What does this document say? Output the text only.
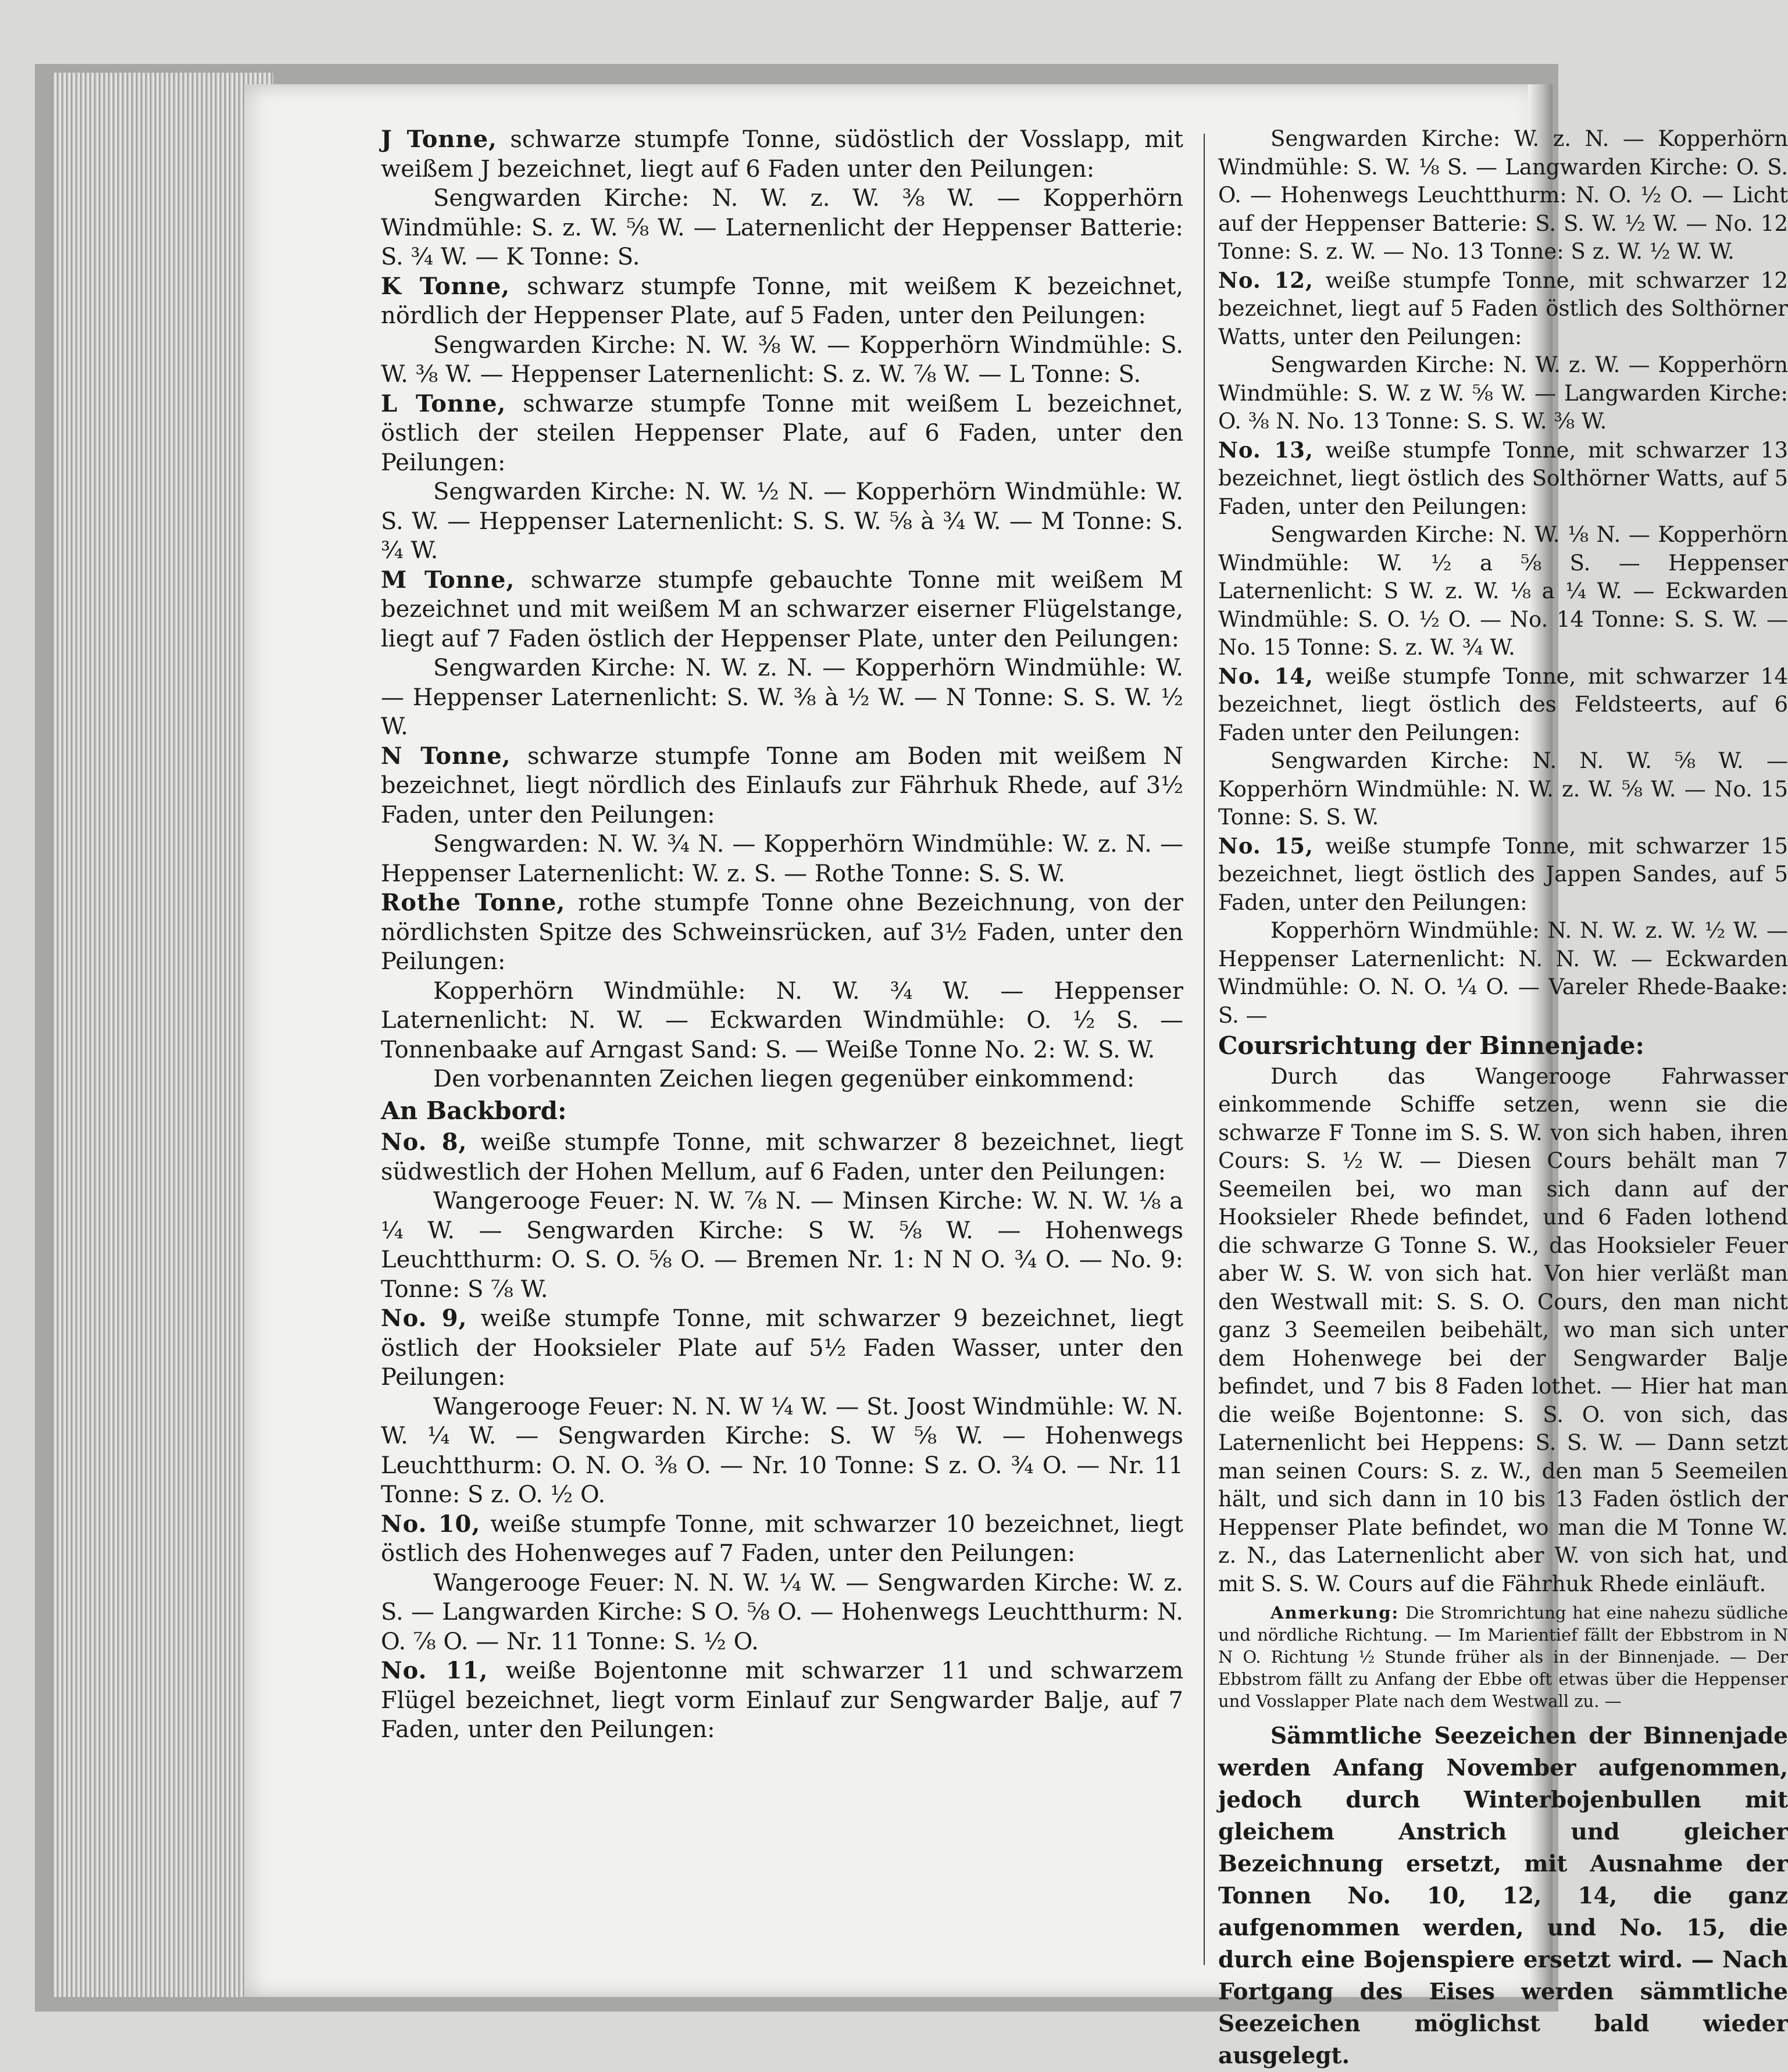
J Tonne, schwarze stumpfe Tonne, südöstlich der Vosslapp, mit weißem J bezeichnet, liegt auf 6 Faden unter den Peilungen:
Sengwarden Kirche: N. W. z. W. ⅜ W. — Kopperhörn Windmühle: S. z. W. ⅝ W. — Laternenlicht der Heppenser Batterie: S. ¾ W. — K Tonne: S.

K Tonne, schwarz stumpfe Tonne, mit weißem K bezeichnet, nördlich der Heppenser Plate, auf 5 Faden, unter den Peilungen:
Sengwarden Kirche: N. W. ⅜ W. — Kopperhörn Windmühle: S. W. ⅜ W. — Heppenser Laternenlicht: S. z. W. ⅞ W. — L Tonne: S.

L Tonne, schwarze stumpfe Tonne mit weißem L bezeichnet, östlich der steilen Heppenser Plate, auf 6 Faden, unter den Peilungen:
Sengwarden Kirche: N. W. ½ N. — Kopperhörn Windmühle: W. S. W. — Heppenser Laternenlicht: S. S. W. ⅝ à ¾ W. — M Tonne: S. ¾ W.

M Tonne, schwarze stumpfe gebauchte Tonne mit weißem M bezeichnet und mit weißem M an schwarzer eiserner Flügelstange, liegt auf 7 Faden östlich der Heppenser Plate, unter den Peilungen:
Sengwarden Kirche: N. W. z. N. — Kopperhörn Windmühle: W. — Heppenser Laternenlicht: S. W. ⅜ à ½ W. — N Tonne: S. S. W. ½ W.

N Tonne, schwarze stumpfe Tonne am Boden mit weißem N bezeichnet, liegt nördlich des Einlaufs zur Fährhuk Rhede, auf 3½ Faden, unter den Peilungen:
Sengwarden: N. W. ¾ N. — Kopperhörn Windmühle: W. z. N. — Heppenser Laternenlicht: W. z. S. — Rothe Tonne: S. S. W.

Rothe Tonne, rothe stumpfe Tonne ohne Bezeichnung, von der nördlichsten Spitze des Schweinsrücken, auf 3½ Faden, unter den Peilungen:
Kopperhörn Windmühle: N. W. ¾ W. — Heppenser Laternenlicht: N. W. — Eckwarden Windmühle: O. ½ S. — Tonnenbaake auf Arngast Sand: S. — Weiße Tonne No. 2: W. S. W.

Den vorbenannten Zeichen liegen gegenüber einkommend:

An Backbord:

No. 8, weiße stumpfe Tonne, mit schwarzer 8 bezeichnet, liegt südwestlich der Hohen Mellum, auf 6 Faden, unter den Peilungen:
Wangerooge Feuer: N. W. ⅞ N. — Minsen Kirche: W. N. W. ⅛ a ¼ W. — Sengwarden Kirche: S W. ⅝ W. — Hohenwegs Leuchtthurm: O. S. O. ⅝ O. — Bremen Nr. 1: N N O. ¾ O. — No. 9: Tonne: S ⅞ W.

No. 9, weiße stumpfe Tonne, mit schwarzer 9 bezeichnet, liegt östlich der Hooksieler Plate auf 5½ Faden Wasser, unter den Peilungen:
Wangerooge Feuer: N. N. W ¼ W. — St. Joost Windmühle: W. N. W. ¼ W. — Sengwarden Kirche: S. W ⅝ W. — Hohenwegs Leuchtthurm: O. N. O. ⅜ O. — Nr. 10 Tonne: S z. O. ¾ O. — Nr. 11 Tonne: S z. O. ½ O.

No. 10, weiße stumpfe Tonne, mit schwarzer 10 bezeichnet, liegt östlich des Hohenweges auf 7 Faden, unter den Peilungen:
Wangerooge Feuer: N. N. W. ¼ W. — Sengwarden Kirche: W. z. S. — Langwarden Kirche: S O. ⅝ O. — Hohenwegs Leuchtthurm: N. O. ⅞ O. — Nr. 11 Tonne: S. ½ O.

No. 11, weiße Bojentonne mit schwarzer 11 und schwarzem Flügel bezeichnet, liegt vorm Einlauf zur Sengwarder Balje, auf 7 Faden, unter den Peilungen:

Sengwarden Kirche: W. z. N. — Kopperhörn Windmühle: S. W. ⅛ S. — Langwarden Kirche: O. S. O. — Hohenwegs Leuchtthurm: N. O. ½ O. — Licht auf der Heppenser Batterie: S. S. W. ½ W. — No. 12 Tonne: S. z. W. — No. 13 Tonne: S z. W. ½ W. W.

No. 12, weiße stumpfe Tonne, mit schwarzer 12 bezeichnet, liegt auf 5 Faden östlich des Solthörner Watts, unter den Peilungen:
Sengwarden Kirche: N. W. z. W. — Kopperhörn Windmühle: S. W. z W. ⅝ W. — Langwarden Kirche: O. ⅜ N. No. 13 Tonne: S. S. W. ⅜ W.

No. 13, weiße stumpfe Tonne, mit schwarzer 13 bezeichnet, liegt östlich des Solthörner Watts, auf 5 Faden, unter den Peilungen:
Sengwarden Kirche: N. W. ⅛ N. — Kopperhörn Windmühle: W. ½ a ⅝ S. — Heppenser Laternenlicht: S W. z. W. ⅛ a ¼ W. — Eckwarden Windmühle: S. O. ½ O. — No. 14 Tonne: S. S. W. — No. 15 Tonne: S. z. W. ¾ W.

No. 14, weiße stumpfe Tonne, mit schwarzer 14 bezeichnet, liegt östlich des Feldsteerts, auf 6 Faden unter den Peilungen:
Sengwarden Kirche: N. N. W. ⅝ W. — Kopperhörn Windmühle: N. W. z. W. ⅝ W. — No. 15 Tonne: S. S. W.

No. 15, weiße stumpfe Tonne, mit schwarzer 15 bezeichnet, liegt östlich des Jappen Sandes, auf 5 Faden, unter den Peilungen:
Kopperhörn Windmühle: N. N. W. z. W. ½ W. — Heppenser Laternenlicht: N. N. W. — Eckwarden Windmühle: O. N. O. ¼ O. — Vareler Rhede-Baake: S. —

Coursrichtung der Binnenjade:

Durch das Wangerooge Fahrwasser einkommende Schiffe setzen, wenn sie die schwarze F Tonne im S. S. W. von sich haben, ihren Cours: S. ½ W. — Diesen Cours behält man 7 Seemeilen bei, wo man sich dann auf der Hooksieler Rhede befindet, und 6 Faden lothend die schwarze G Tonne S. W., das Hooksieler Feuer aber W. S. W. von sich hat. Von hier verläßt man den Westwall mit: S. S. O. Cours, den man nicht ganz 3 Seemeilen beibehält, wo man sich unter dem Hohenwege bei der Sengwarder Balje befindet, und 7 bis 8 Faden lothet. — Hier hat man die weiße Bojentonne: S. S. O. von sich, das Laternenlicht bei Heppens: S. S. W. — Dann setzt man seinen Cours: S. z. W., den man 5 Seemeilen hält, und sich dann in 10 bis 13 Faden östlich der Heppenser Plate befindet, wo man die M Tonne W. z. N., das Laternenlicht aber W. von sich hat, und mit S. S. W. Cours auf die Fährhuk Rhede einläuft.

Anmerkung: Die Stromrichtung hat eine nahezu südliche und nördliche Richtung. — Im Marientief fällt der Ebbstrom in N N O. Richtung ½ Stunde früher als in der Binnenjade. — Der Ebbstrom fällt zu Anfang der Ebbe oft etwas über die Heppenser und Vosslapper Plate nach dem Westwall zu. —

Sämmtliche Seezeichen der Binnenjade werden Anfang November aufgenommen, jedoch durch Winterbojenbullen mit gleichem Anstrich und gleicher Bezeichnung ersetzt, mit Ausnahme der Tonnen No. 10, 12, 14, die ganz aufgenommen werden, und No. 15, die durch eine Bojenspiere ersetzt wird. — Nach Fortgang des Eises werden sämmtliche Seezeichen möglichst bald wieder ausgelegt.
